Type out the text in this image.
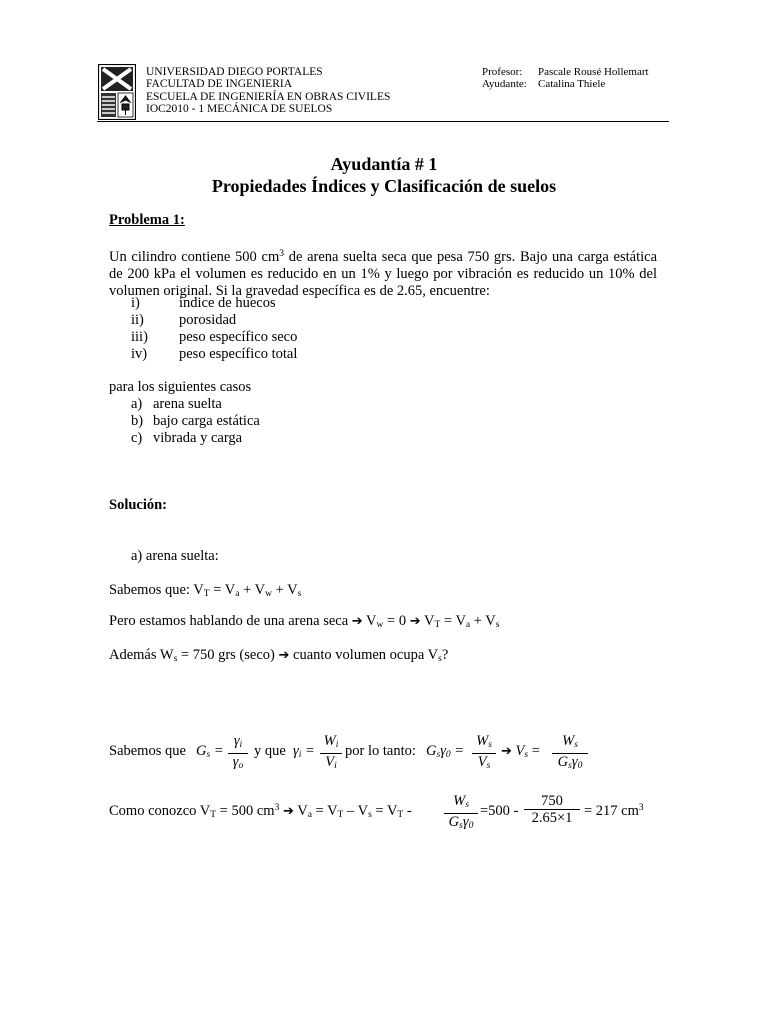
UNIVERSIDAD DIEGO PORTALES
FACULTAD DE INGENIERIA
ESCUELA DE INGENIERÍA EN OBRAS CIVILES
IOC2010 - 1 MECÁNICA DE SUELOS
Profesor: Pascale Rousé Hollemart
Ayudante: Catalina Thiele
Ayudantía # 1
Propiedades Índices y Clasificación de suelos
Problema 1:
Un cilindro contiene 500 $cm^3$ de arena suelta seca que pesa 750 grs. Bajo una carga estática de 200 kPa el volumen es reducido en un 1% y luego por vibración es reducido un 10% del volumen original. Si la gravedad específica es de 2.65, encuentre:
i)	índice de huecos
ii) porosidad
iii) peso específico seco
iv) peso específico total
para los siguientes casos
a) arena suelta
b) bajo carga estática
c) vibrada y carga
Solución:
a) arena suelta:
Sabemos que: $V_T = V_a + V_w + V_s$
Pero estamos hablando de una arena seca ➔ $V_w = 0$ ➔ $V_T = V_a + V_s$
Además $W_s = 750$ grs (seco) ➔ cuanto volumen ocupa $V_s$?
Sabemos que $G_s$ =
$\gamma_i$
$\gamma_o$
y que $\gamma_i$ =
$W_i$
$V_i$
por lo tanto: $G_s\gamma_0$ =
$W_s$
$V_s$
➔ $V_s$ =
$W_s$
$G_s\gamma_0$
Como conozco $V_T = 500$ $cm^3$ ➔ $V_a = V_T - V_s = V_T$ -
$W_s$
$G_s\gamma_0$
=500 -
750
2.65×1 = 217 $cm^3$
